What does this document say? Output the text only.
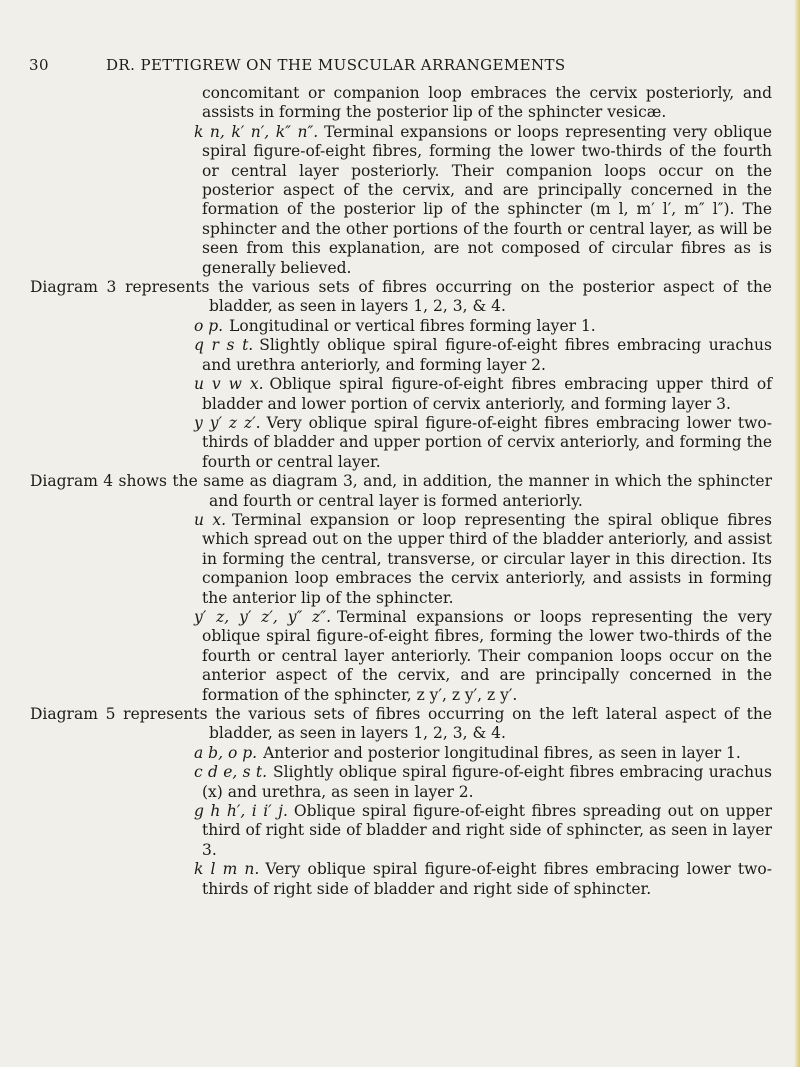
30	DR. PETTIGREW ON THE MUSCULAR ARRANGEMENTS

concomitant or companion loop embraces the cervix posteriorly, and assists in forming the posterior lip of the sphincter vesicæ.

k n, k′ n′, k″ n″. Terminal expansions or loops representing very oblique spiral figure-of-eight fibres, forming the lower two-thirds of the fourth or central layer posteriorly. Their companion loops occur on the posterior aspect of the cervix, and are principally concerned in the formation of the posterior lip of the sphincter (m l, m′ l′, m″ l″). The sphincter and the other portions of the fourth or central layer, as will be seen from this explanation, are not composed of circular fibres as is generally believed.

Diagram 3 represents the various sets of fibres occurring on the posterior aspect of the bladder, as seen in layers 1, 2, 3, & 4.

o p. Longitudinal or vertical fibres forming layer 1.

q r s t. Slightly oblique spiral figure-of-eight fibres embracing urachus and urethra anteriorly, and forming layer 2.

u v w x. Oblique spiral figure-of-eight fibres embracing upper third of bladder and lower portion of cervix anteriorly, and forming layer 3.

y y′ z z′. Very oblique spiral figure-of-eight fibres embracing lower two-thirds of bladder and upper portion of cervix anteriorly, and forming the fourth or central layer.

Diagram 4 shows the same as diagram 3, and, in addition, the manner in which the sphincter and fourth or central layer is formed anteriorly.

u x. Terminal expansion or loop representing the spiral oblique fibres which spread out on the upper third of the bladder anteriorly, and assist in forming the central, transverse, or circular layer in this direction. Its companion loop embraces the cervix anteriorly, and assists in forming the anterior lip of the sphincter.

y′ z, y′ z′, y″ z″. Terminal expansions or loops representing the very oblique spiral figure-of-eight fibres, forming the lower two-thirds of the fourth or central layer anteriorly. Their companion loops occur on the anterior aspect of the cervix, and are principally concerned in the formation of the sphincter, z y′, z y′, z y′.

Diagram 5 represents the various sets of fibres occurring on the left lateral aspect of the bladder, as seen in layers 1, 2, 3, & 4.

a b, o p. Anterior and posterior longitudinal fibres, as seen in layer 1.

c d e, s t. Slightly oblique spiral figure-of-eight fibres embracing urachus (x) and urethra, as seen in layer 2.

g h h′, i i′ j. Oblique spiral figure-of-eight fibres spreading out on upper third of right side of bladder and right side of sphincter, as seen in layer 3.

k l m n. Very oblique spiral figure-of-eight fibres embracing lower two-thirds of right side of bladder and right side of sphincter.
